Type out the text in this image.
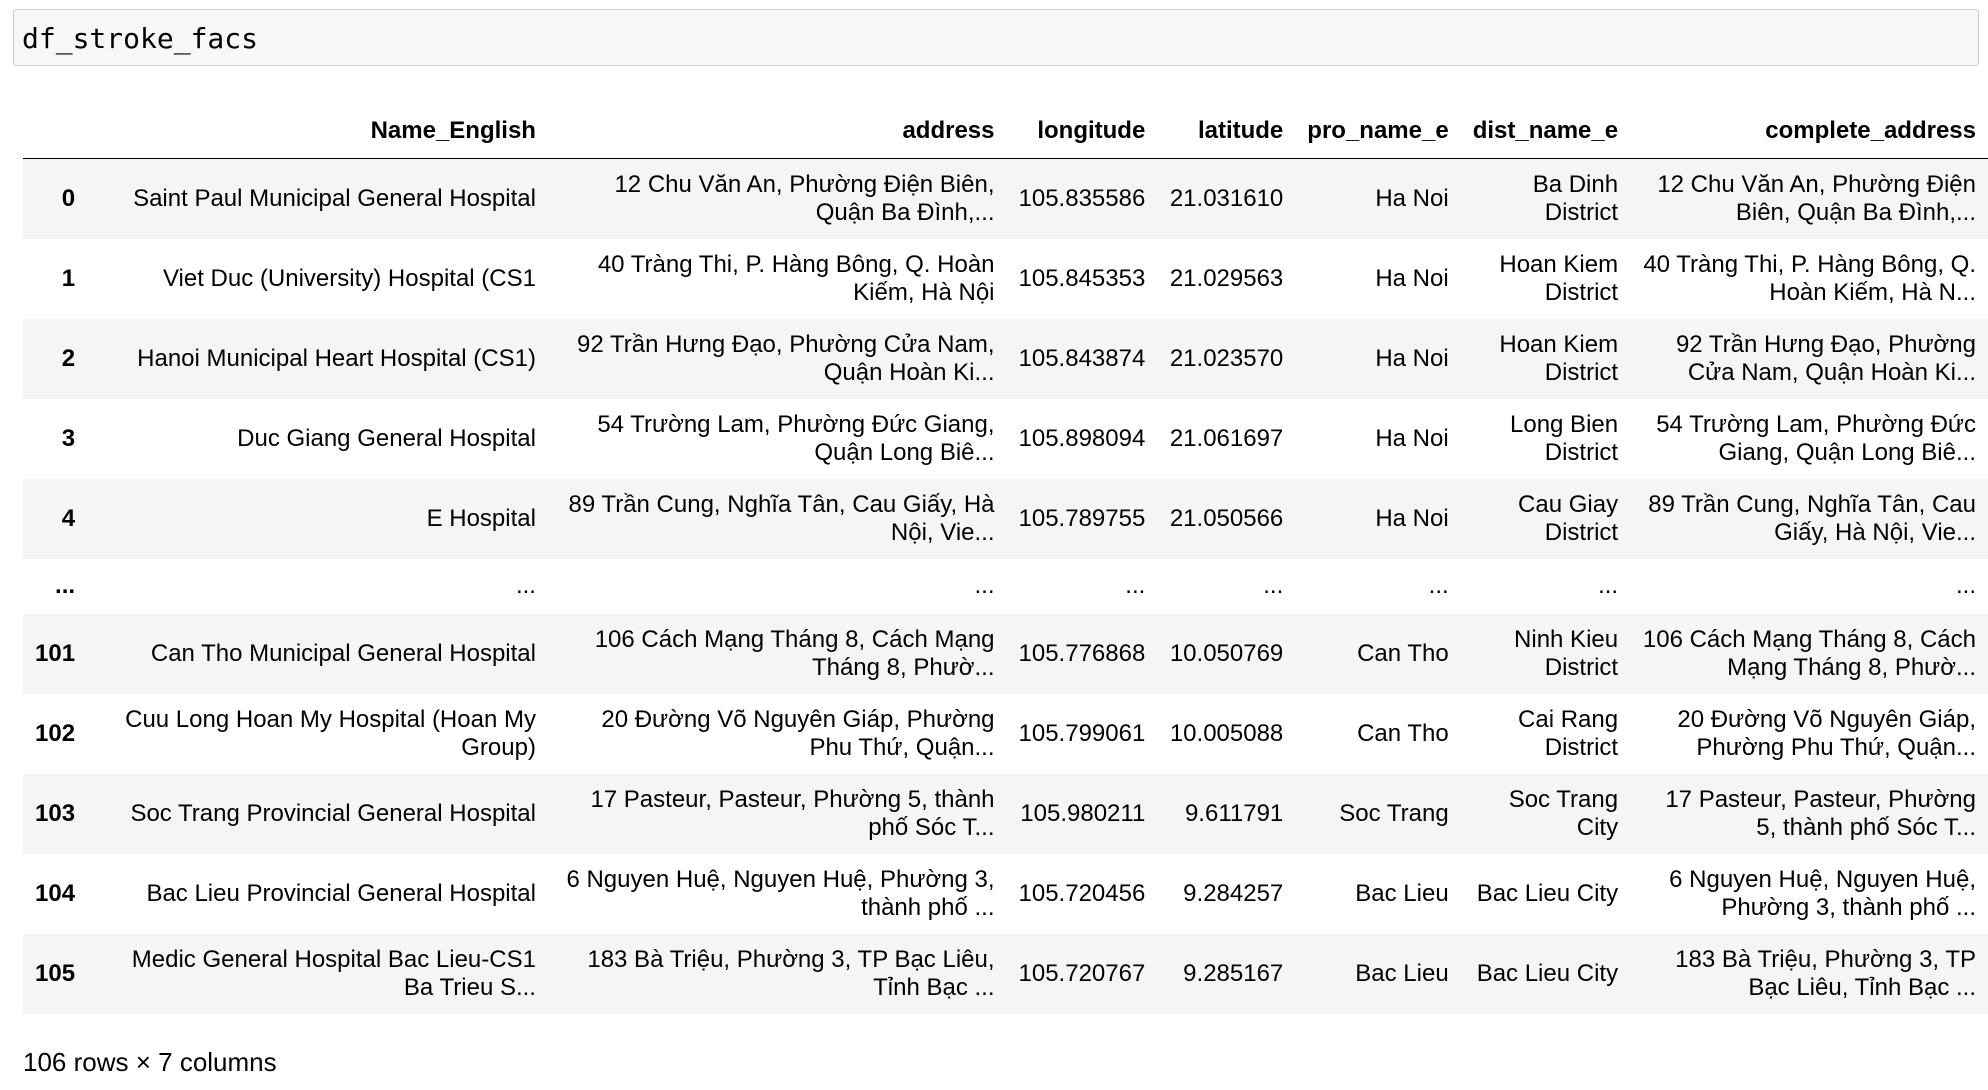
df_stroke_facs
	Name_English	address	longitude	latitude	pro_name_e	dist_name_e	complete_address
0	Saint Paul Municipal General Hospital	12 Chu Văn An, Phường Điện Biên, Quận Ba Đình,...	105.835586	21.031610	Ha Noi	Ba Dinh District	12 Chu Văn An, Phường Điện Biên, Quận Ba Đình,...
1	Viet Duc (University) Hospital (CS1	40 Tràng Thi, P. Hàng Bông, Q. Hoàn Kiếm, Hà Nội	105.845353	21.029563	Ha Noi	Hoan Kiem District	40 Tràng Thi, P. Hàng Bông, Q. Hoàn Kiếm, Hà N...
2	Hanoi Municipal Heart Hospital (CS1)	92 Trần Hưng Đạo, Phường Cửa Nam, Quận Hoàn Ki...	105.843874	21.023570	Ha Noi	Hoan Kiem District	92 Trần Hưng Đạo, Phường Cửa Nam, Quận Hoàn Ki...
3	Duc Giang General Hospital	54 Trường Lam, Phường Đức Giang, Quận Long Biê...	105.898094	21.061697	Ha Noi	Long Bien District	54 Trường Lam, Phường Đức Giang, Quận Long Biê...
4	E Hospital	89 Trần Cung, Nghĩa Tân, Cau Giấy, Hà Nội, Vie...	105.789755	21.050566	Ha Noi	Cau Giay District	89 Trần Cung, Nghĩa Tân, Cau Giấy, Hà Nội, Vie...
...	...	...	...	...	...	...	...
101	Can Tho Municipal General Hospital	106 Cách Mạng Tháng 8, Cách Mạng Tháng 8, Phườ...	105.776868	10.050769	Can Tho	Ninh Kieu District	106 Cách Mạng Tháng 8, Cách Mạng Tháng 8, Phườ...
102	Cuu Long Hoan My Hospital (Hoan My Group)	20 Đường Võ Nguyên Giáp, Phường Phu Thứ, Quận...	105.799061	10.005088	Can Tho	Cai Rang District	20 Đường Võ Nguyên Giáp, Phường Phu Thứ, Quận...
103	Soc Trang Provincial General Hospital	17 Pasteur, Pasteur, Phường 5, thành phố Sóc T...	105.980211	9.611791	Soc Trang	Soc Trang City	17 Pasteur, Pasteur, Phường 5, thành phố Sóc T...
104	Bac Lieu Provincial General Hospital	6 Nguyen Huệ, Nguyen Huệ, Phường 3, thành phố ...	105.720456	9.284257	Bac Lieu	Bac Lieu City	6 Nguyen Huệ, Nguyen Huệ, Phường 3, thành phố ...
105	Medic General Hospital Bac Lieu-CS1 Ba Trieu S...	183 Bà Triệu, Phường 3, TP Bạc Liêu, Tỉnh Bạc ...	105.720767	9.285167	Bac Lieu	Bac Lieu City	183 Bà Triệu, Phường 3, TP Bạc Liêu, Tỉnh Bạc ...
106 rows × 7 columns
